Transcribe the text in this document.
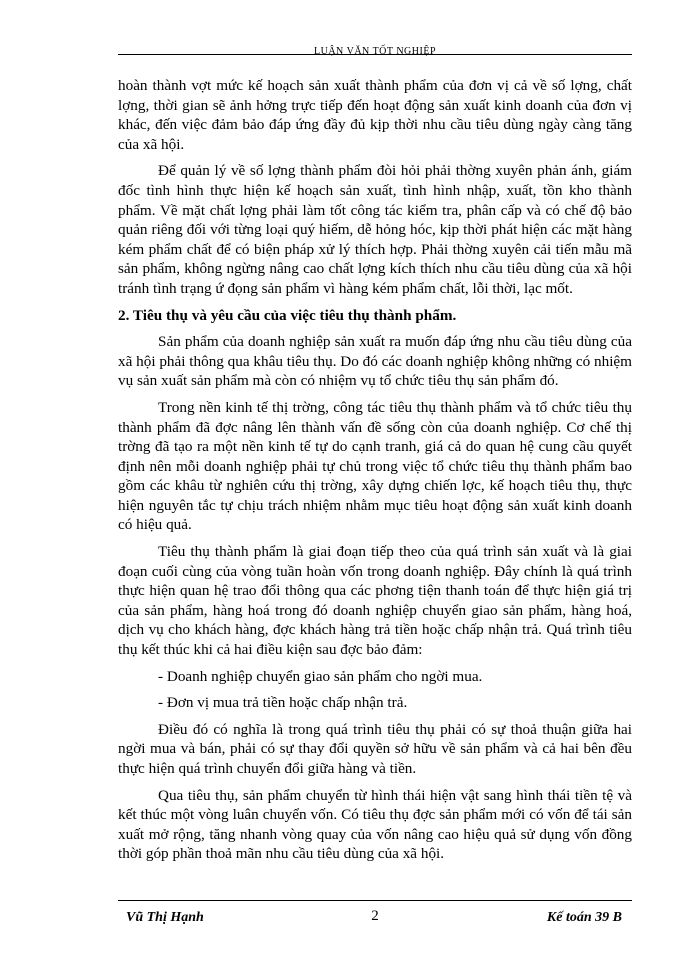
LUẬN VĂN TỐT NGHIỆP

hoàn thành vợt mức kế hoạch sản xuất thành phẩm của đơn vị cả về số lợng, chất lợng, thời gian sẽ ảnh hởng trực tiếp đến hoạt động sản xuất kinh doanh của đơn vị khác, đến việc đảm bảo đáp ứng đầy đủ kịp thời nhu cầu tiêu dùng ngày càng tăng của xã hội.

Để quản lý về số lợng thành phẩm đòi hỏi phải thờng xuyên phản ánh, giám đốc tình hình thực hiện kế hoạch sản xuất, tình hình nhập, xuất, tồn kho thành phẩm. Về mặt chất lợng phải làm tốt công tác kiểm tra, phân cấp và có chế độ bảo quản riêng đối với từng loại quý hiếm, dễ hỏng hóc, kịp thời phát hiện các mặt hàng kém phẩm chất để có biện pháp xử lý thích hợp. Phải thờng xuyên cải tiến mẫu mã sản phẩm, không ngừng nâng cao chất lợng kích thích nhu cầu tiêu dùng của xã hội tránh tình trạng ứ đọng sản phẩm vì hàng kém phẩm chất, lỗi thời, lạc mốt.

2. Tiêu thụ và yêu cầu của việc tiêu thụ thành phẩm.

Sản phẩm của doanh nghiệp sản xuất ra muốn đáp ứng nhu cầu tiêu dùng của xã hội phải thông qua khâu tiêu thụ. Do đó các doanh nghiệp không những có nhiệm vụ sản xuất sản phẩm mà còn có nhiệm vụ tổ chức tiêu thụ sản phẩm đó.

Trong nền kinh tế thị trờng, công tác tiêu thụ thành phẩm và tổ chức tiêu thụ thành phẩm đã đợc nâng lên thành vấn đề sống còn của doanh nghiệp. Cơ chế thị trờng đã tạo ra một nền kinh tế tự do cạnh tranh, giá cả do quan hệ cung cầu quyết định nên mỗi doanh nghiệp phải tự chủ trong việc tổ chức tiêu thụ thành phẩm bao gồm các khâu từ nghiên cứu thị trờng, xây dựng chiến lợc, kế hoạch tiêu thụ, thực hiện nguyên tắc tự chịu trách nhiệm nhằm mục tiêu hoạt động sản xuất kinh doanh có hiệu quả.

Tiêu thụ thành phẩm là giai đoạn tiếp theo của quá trình sản xuất và là giai đoạn cuối cùng của vòng tuần hoàn vốn trong doanh nghiệp. Đây chính là quá trình thực hiện quan hệ trao đổi thông qua các phơng tiện thanh toán để thực hiện giá trị của sản phẩm, hàng hoá trong đó doanh nghiệp chuyển giao sản phẩm, hàng hoá, dịch vụ cho khách hàng, đợc khách hàng trả tiền hoặc chấp nhận trả. Quá trình tiêu thụ kết thúc khi cả hai điều kiện sau đợc bảo đảm:

- Doanh nghiệp chuyển giao sản phẩm cho ngời mua.

- Đơn vị mua trả tiền hoặc chấp nhận trả.

Điều đó có nghĩa là trong quá trình tiêu thụ phải có sự thoả thuận giữa hai ngời mua và bán, phải có sự thay đổi quyền sở hữu về sản phẩm và cả hai bên đều thực hiện quá trình chuyển đổi giữa hàng và tiền.

Qua tiêu thụ, sản phẩm chuyển từ hình thái hiện vật sang hình thái tiền tệ và kết thúc một vòng luân chuyển vốn. Có tiêu thụ đợc sản phẩm mới có vốn để tái sản xuất mở rộng, tăng nhanh vòng quay của vốn nâng cao hiệu quả sử dụng vốn đồng thời góp phần thoả mãn nhu cầu tiêu dùng của xã hội.

Vũ Thị Hạnh	2	Kế toán 39 B
